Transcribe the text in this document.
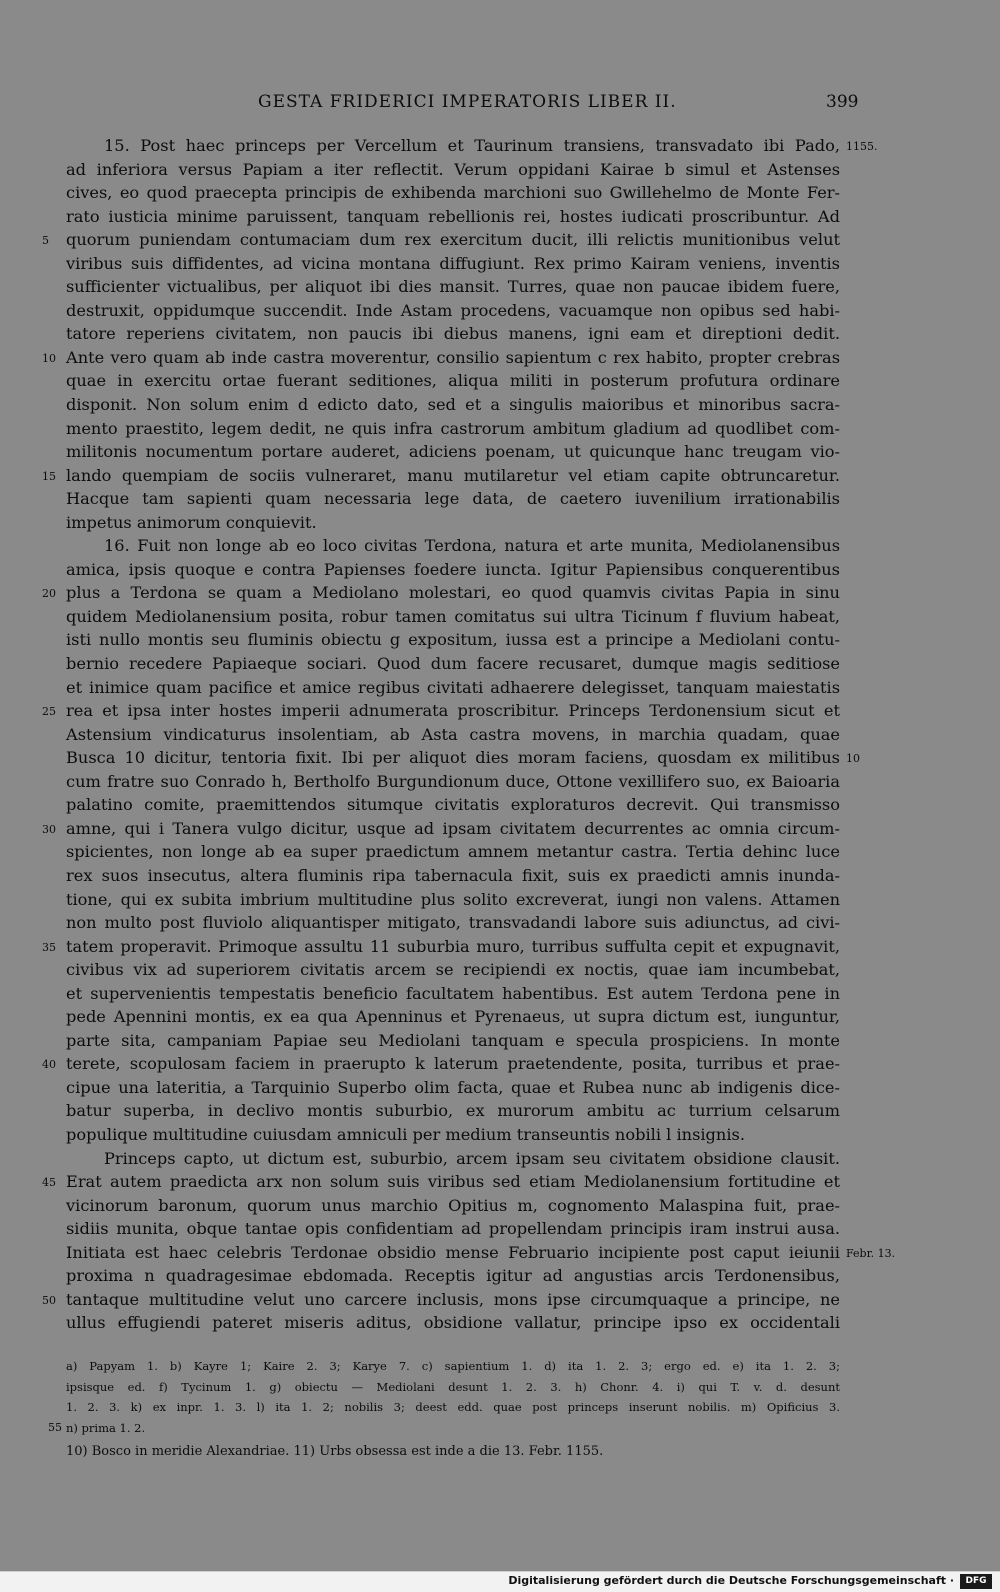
GESTA FRIDERICI IMPERATORIS LIBER II.	399
15. Post haec princeps per Vercellum et Taurinum transiens, transvadato ibi Pado, 1155.
ad inferiora versus Papiam a iter reflectit. Verum oppidani Kairae b simul et Astenses
cives, eo quod praecepta principis de exhibenda marchioni suo Gwillehelmo de Monte Fer-
rato iusticia minime paruissent, tanquam rebellionis rei, hostes iudicati proscribuntur. Ad
quorum puniendam contumaciam dum rex exercitum ducit, illi relictis munitionibus velut
5
viribus suis diffidentes, ad vicina montana diffugiunt. Rex primo Kairam veniens, inventis
sufficienter victualibus, per aliquot ibi dies mansit. Turres, quae non paucae ibidem fuere,
destruxit, oppidumque succendit. Inde Astam procedens, vacuamque non opibus sed habi-
tatore reperiens civitatem, non paucis ibi diebus manens, igni eam et direptioni dedit.
Ante vero quam ab inde castra moverentur, consilio sapientum c rex habito, propter crebras
10
quae in exercitu ortae fuerant seditiones, aliqua militi in posterum profutura ordinare
disponit. Non solum enim d edicto dato, sed et a singulis maioribus et minoribus sacra-
mento praestito, legem dedit, ne quis infra castrorum ambitum gladium ad quodlibet com-
militonis nocumentum portare auderet, adiciens poenam, ut quicunque hanc treugam vio-
lando quempiam de sociis vulneraret, manu mutilaretur vel etiam capite obtruncaretur.
15
Hacque tam sapienti quam necessaria lege data, de caetero iuvenilium irrationabilis
impetus animorum conquievit.
16. Fuit non longe ab eo loco civitas Terdona, natura et arte munita, Mediolanensibus
amica, ipsis quoque e contra Papienses foedere iuncta. Igitur Papiensibus conquerentibus
plus a Terdona se quam a Mediolano molestari, eo quod quamvis civitas Papia in sinu
20
quidem Mediolanensium posita, robur tamen comitatus sui ultra Ticinum f fluvium habeat,
isti nullo montis seu fluminis obiectu g expositum, iussa est a principe a Mediolani contu-
bernio recedere Papiaeque sociari. Quod dum facere recusaret, dumque magis seditiose
et inimice quam pacifice et amice regibus civitati adhaerere delegisset, tanquam maiestatis
rea et ipsa inter hostes imperii adnumerata proscribitur. Princeps Terdonensium sicut et
25
Astensium vindicaturus insolentiam, ab Asta castra movens, in marchia quadam, quae
Busca 10 dicitur, tentoria fixit. Ibi per aliquot dies moram faciens, quosdam ex militibus 10
cum fratre suo Conrado h, Bertholfo Burgundionum duce, Ottone vexillifero suo, ex Baioaria
palatino comite, praemittendos situmque civitatis exploraturos decrevit. Qui transmisso
amne, qui i Tanera vulgo dicitur, usque ad ipsam civitatem decurrentes ac omnia circum-
30
spicientes, non longe ab ea super praedictum amnem metantur castra. Tertia dehinc luce
rex suos insecutus, altera fluminis ripa tabernacula fixit, suis ex praedicti amnis inunda-
tione, qui ex subita imbrium multitudine plus solito excreverat, iungi non valens. Attamen
non multo post fluviolo aliquantisper mitigato, transvadandi labore suis adiunctus, ad civi-
tatem properavit. Primoque assultu 11 suburbia muro, turribus suffulta cepit et expugnavit,
35
civibus vix ad superiorem civitatis arcem se recipiendi ex noctis, quae iam incumbebat,
et supervenientis tempestatis beneficio facultatem habentibus. Est autem Terdona pene in
pede Apennini montis, ex ea qua Apenninus et Pyrenaeus, ut supra dictum est, iunguntur,
parte sita, campaniam Papiae seu Mediolani tanquam e specula prospiciens. In monte
terete, scopulosam faciem in praerupto k laterum praetendente, posita, turribus et prae-
40
cipue una lateritia, a Tarquinio Superbo olim facta, quae et Rubea nunc ab indigenis dice-
batur superba, in declivo montis suburbio, ex murorum ambitu ac turrium celsarum
populique multitudine cuiusdam amniculi per medium transeuntis nobili l insignis.
Princeps capto, ut dictum est, suburbio, arcem ipsam seu civitatem obsidione clausit.
Erat autem praedicta arx non solum suis viribus sed etiam Mediolanensium fortitudine et
45
vicinorum baronum, quorum unus marchio Opitius m, cognomento Malaspina fuit, prae-
sidiis munita, obque tantae opis confidentiam ad propellendam principis iram instrui ausa.
Initiata est haec celebris Terdonae obsidio mense Februario incipiente post caput ieiunii Febr. 13.
proxima n quadragesimae ebdomada. Receptis igitur ad angustias arcis Terdonensibus,
tantaque multitudine velut uno carcere inclusis, mons ipse circumquaque a principe, ne
50
ullus effugiendi pateret miseris aditus, obsidione vallatur, principe ipso ex occidentali
a) Papyam 1. b) Kayre 1; Kaire 2. 3; Karye 7. c) sapientium 1. d) ita 1. 2. 3; ergo ed. e) ita 1. 2. 3;
ipsisque ed. f) Tycinum 1. g) obiectu — Mediolani desunt 1. 2. 3. h) Chonr. 4. i) qui T. v. d. desunt
1. 2. 3. k) ex inpr. 1. 3. l) ita 1. 2; nobilis 3; deest edd. quae post princeps inserunt nobilis. m) Opificius 3.
n) prima 1. 2.
55
10) Bosco in meridie Alexandriae. 11) Urbs obsessa est inde a die 13. Febr. 1155.
Digitalisierung gefördert durch die Deutsche Forschungsgemeinschaft ·	DFG
